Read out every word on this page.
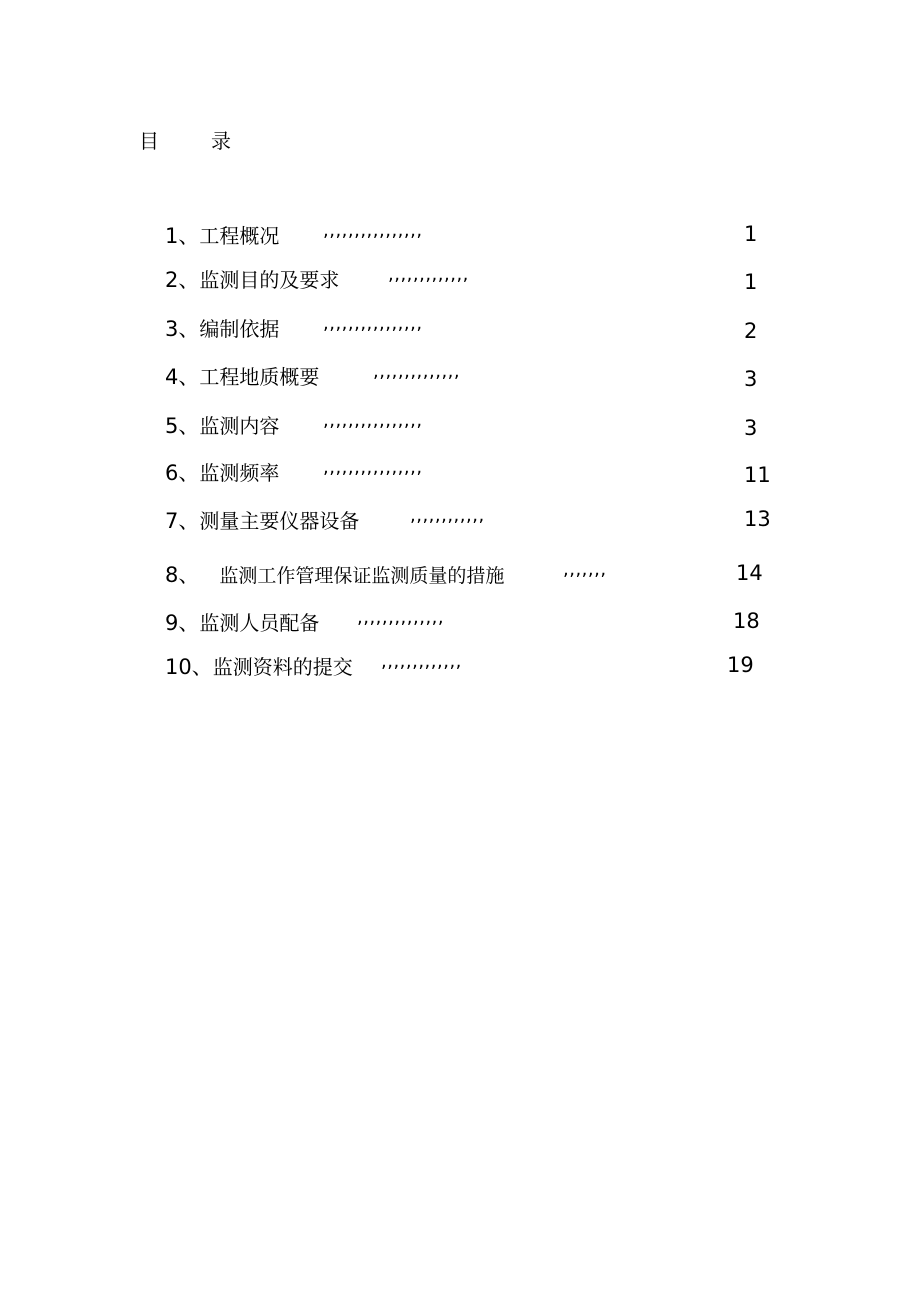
目	录
1、工程概况 ,,,,,,,,,,,,,,,,	1
2、监测目的及要求	,,,,,,,,,,,,,	1
3、编制依据 ,,,,,,,,,,,,,,,,	2
4、工程地质概要	,,,,,,,,,,,,,,	3
5、监测内容 ,,,,,,,,,,,,,,,,	3
6、监测频率 ,,,,,,,,,,,,,,,,	11
7、测量主要仪器设备	,,,,,,,,,,,,	13
8、 监测工作管理保证监测质量的措施	,,,,,,,	14
9、监测人员配备 ,,,,,,,,,,,,,,	18
10、监测资料的提交 ,,,,,,,,,,,,,	19
